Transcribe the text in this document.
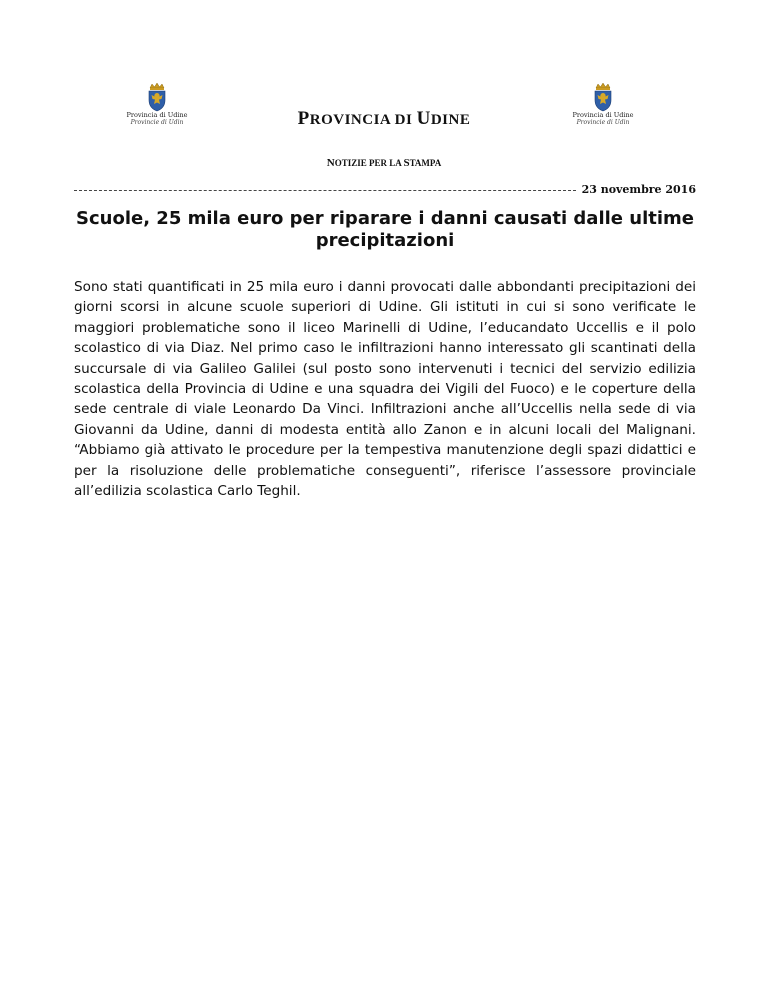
Provincia di Udine
Provincie di Udin
Provincia di Udine
Provincie di Udin
PROVINCIA DI UDINE
NOTIZIE PER LA STAMPA
23 novembre 2016
Scuole, 25 mila euro per riparare i danni causati dalle ultime precipitazioni

Sono stati quantificati in 25 mila euro i danni provocati dalle abbondanti precipitazioni dei giorni scorsi in alcune scuole superiori di Udine. Gli istituti in cui si sono verificate le maggiori problematiche sono il liceo Marinelli di Udine, l’educandato Uccellis e il polo scolastico di via Diaz. Nel primo caso le infiltrazioni hanno interessato gli scantinati della succursale di via Galileo Galilei (sul posto sono intervenuti i tecnici del servizio edilizia scolastica della Provincia di Udine e una squadra dei Vigili del Fuoco) e le coperture della sede centrale di viale Leonardo Da Vinci. Infiltrazioni anche all’Uccellis nella sede di via Giovanni da Udine, danni di modesta entità allo Zanon e in alcuni locali del Malignani. “Abbiamo già attivato le procedure per la tempestiva manutenzione degli spazi didattici e per la risoluzione delle problematiche conseguenti”, riferisce l’assessore provinciale all’edilizia scolastica Carlo Teghil.
